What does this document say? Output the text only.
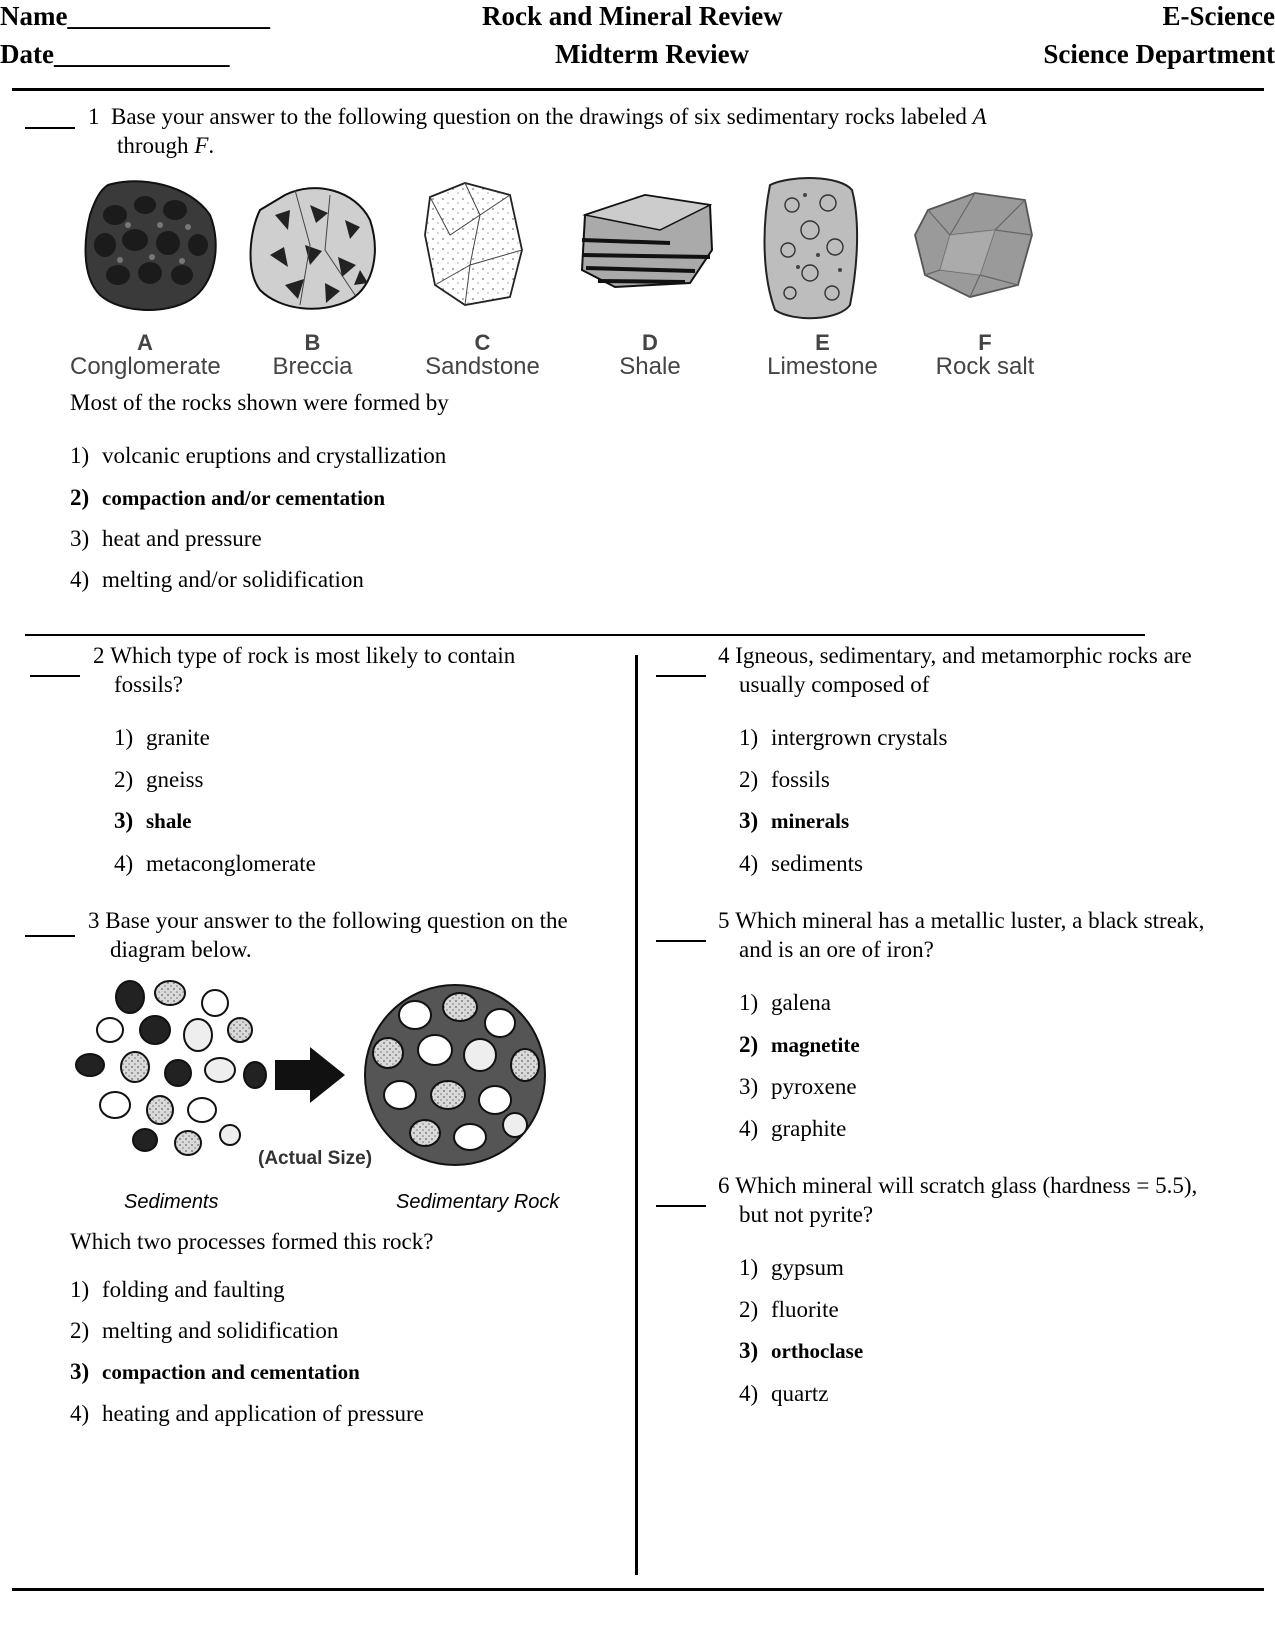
Name_______________
Date_____________
Rock and Mineral Review
Midterm Review
E-Science
Science Department
1 Base your answer to the following question on the drawings of six sedimentary rocks labeled A
through F.
A
Conglomerate
B
Breccia
C
Sandstone
D
Shale
E
Limestone
F
Rock salt
Most of the rocks shown were formed by
1) volcanic eruptions and crystallization
2) compaction and/or cementation
3) heat and pressure
4) melting and/or solidification
2 Which type of rock is most likely to contain
fossils?
1) granite
2) gneiss
3) shale
4) metaconglomerate
3 Base your answer to the following question on the
diagram below.
(Actual Size)
Sediments	Sedimentary Rock
Which two processes formed this rock?
1) folding and faulting
2) melting and solidification
3) compaction and cementation
4) heating and application of pressure
4 Igneous, sedimentary, and metamorphic rocks are
usually composed of
1) intergrown crystals
2) fossils
3) minerals
4) sediments
5 Which mineral has a metallic luster, a black streak,
and is an ore of iron?
1) galena
2) magnetite
3) pyroxene
4) graphite
6 Which mineral will scratch glass (hardness = 5.5),
but not pyrite?
1) gypsum
2) fluorite
3) orthoclase
4) quartz
